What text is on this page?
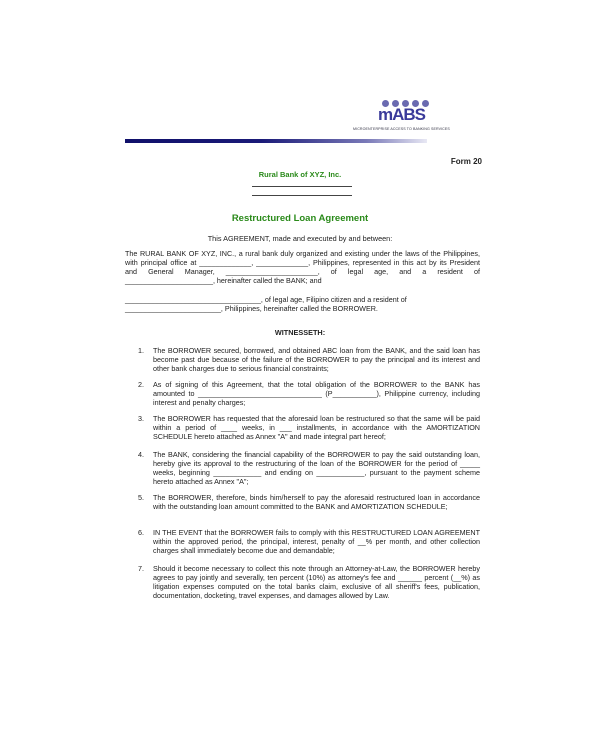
mABS
MICROENTERPRISE ACCESS TO BANKING SERVICES
Form 20
Rural Bank of XYZ, Inc.
Restructured Loan Agreement
This AGREEMENT, made and executed by and between:
The RURAL BANK OF XYZ, INC., a rural bank duly organized and existing under the laws of the Philippines, with principal office at _____________, _____________, Philippines, represented in this act by its President and General Manager, _______________________, of legal age, and a resident of ______________________, hereinafter called the BANK; and
__________________________________, of legal age, Filipino citizen and a resident of
________________________, Philippines, hereinafter called the BORROWER.
WITNESSETH:
1. The BORROWER secured, borrowed, and obtained ABC loan from the BANK, and the said loan has become past due because of the failure of the BORROWER to pay the principal and its interest and other bank charges due to serious financial constraints;
2. As of signing of this Agreement, that the total obligation of the BORROWER to the BANK has amounted to _______________________________ (P___________), Philippine currency, including interest and penalty charges;
3. The BORROWER has requested that the aforesaid loan be restructured so that the same will be paid within a period of ____ weeks, in ___ installments, in accordance with the AMORTIZATION SCHEDULE hereto attached as Annex "A" and made integral part hereof;
4. The BANK, considering the financial capability of the BORROWER to pay the said outstanding loan, hereby give its approval to the restructuring of the loan of the BORROWER for the period of _____ weeks, beginning ____________ and ending on ____________, pursuant to the payment scheme hereto attached as Annex "A";
5. The BORROWER, therefore, binds him/herself to pay the aforesaid restructured loan in accordance with the outstanding loan amount committed to the BANK and AMORTIZATION SCHEDULE;
6. IN THE EVENT that the BORROWER fails to comply with this RESTRUCTURED LOAN AGREEMENT within the approved period, the principal, interest, penalty of __% per month, and other collection charges shall immediately become due and demandable;
7. Should it become necessary to collect this note through an Attorney-at-Law, the BORROWER hereby agrees to pay jointly and severally, ten percent (10%) as attorney's fee and ______ percent (__%) as litigation expenses computed on the total banks claim, exclusive of all sheriff's fees, publication, documentation, docketing, travel expenses, and damages allowed by Law.
